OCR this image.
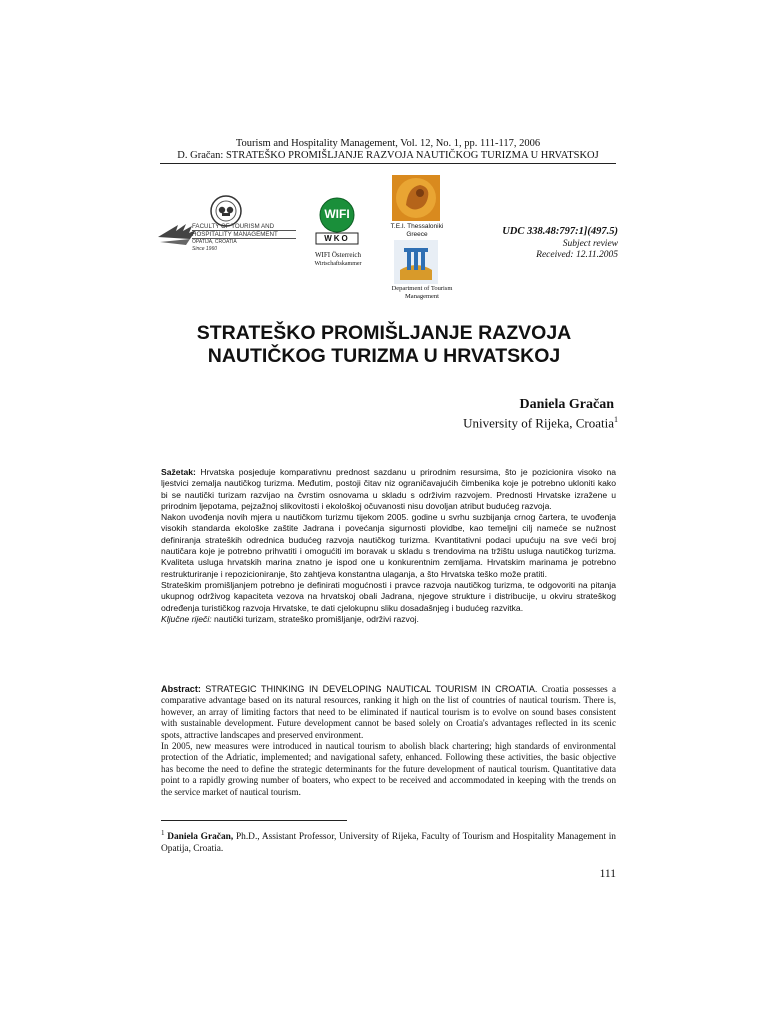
Tourism and Hospitality Management, Vol. 12, No. 1, pp. 111-117, 2006
D. Gračan: STRATEŠKO PROMIŠLJANJE RAZVOJA NAUTIČKOG TURIZMA U HRVATSKOJ
FACULTY OF TOURISM AND
HOSPITALITY MANAGEMENT
OPATIJA, CROATIA
Since 1960
WIFI
WKO
WIFI Österreich
Wirtschaftskammer
T.E.I. Thessaloniki
Greece
Department of Tourism Management
UDC 338.48:797:1](497.5)
Subject review
Received: 12.11.2005
STRATEŠKO PROMIŠLJANJE RAZVOJA
NAUTIČKOG TURIZMA U HRVATSKOJ
Daniela Gračan
University of Rijeka, Croatia$^1$

Sažetak: Hrvatska posjeduje komparativnu prednost sazdanu u prirodnim resursima, što je pozicionira visoko na ljestvici zemalja nautičkog turizma. Međutim, postoji čitav niz ograničavajućih čimbenika koje je potrebno ukloniti kako bi se nautički turizam razvijao na čvrstim osnovama u skladu s održivim razvojem. Prednosti Hrvatske izražene u prirodnim ljepotama, pejzažnoj slikovitosti i ekološkoj očuvanosti nisu dovoljan atribut budućeg razvoja.

Nakon uvođenja novih mjera u nautičkom turizmu tijekom 2005. godine u svrhu suzbijanja crnog čartera, te uvođenja visokih standarda ekološke zaštite Jadrana i povećanja sigurnosti plovidbe, kao temeljni cilj nameće se nužnost definiranja strateških odrednica budućeg razvoja nautičkog turizma. Kvantitativni podaci upućuju na sve veći broj nautičara koje je potrebno prihvatiti i omogućiti im boravak u skladu s trendovima na tržištu usluga nautičkog turizma. Kvaliteta usluga hrvatskih marina znatno je ispod one u konkurentnim zemljama. Hrvatskim marinama je potrebno restrukturiranje i repozicioniranje, što zahtjeva konstantna ulaganja, a što Hrvatska teško može pratiti.

Strateškim promišljanjem potrebno je definirati mogućnosti i pravce razvoja nautičkog turizma, te odgovoriti na pitanja ukupnog održivog kapaciteta vezova na hrvatskoj obali Jadrana, njegove strukture i distribucije, u okviru strateškog određenja turističkog razvoja Hrvatske, te dati cjelokupnu sliku dosadašnjeg i budućeg razvitka.

Ključne riječi: nautički turizam, strateško promišljanje, održivi razvoj.

Abstract: STRATEGIC THINKING IN DEVELOPING NAUTICAL TOURISM IN CROATIA. Croatia possesses a comparative advantage based on its natural resources, ranking it high on the list of countries of nautical tourism. There is, however, an array of limiting factors that need to be eliminated if nautical tourism is to evolve on sound bases consistent with sustainable development. Future development cannot be based solely on Croatia's advantages reflected in its scenic spots, attractive landscapes and preserved environment.

In 2005, new measures were introduced in nautical tourism to abolish black chartering; high standards of environmental protection of the Adriatic, implemented; and navigational safety, enhanced. Following these activities, the basic objective has become the need to define the strategic determinants for the future development of nautical tourism. Quantitative data point to a rapidly growing number of boaters, who expect to be received and accommodated in keeping with the trends on the service market of nautical tourism.

$^1$ Daniela Gračan, Ph.D., Assistant Professor, University of Rijeka, Faculty of Tourism and Hospitality Management in Opatija, Croatia.
111
